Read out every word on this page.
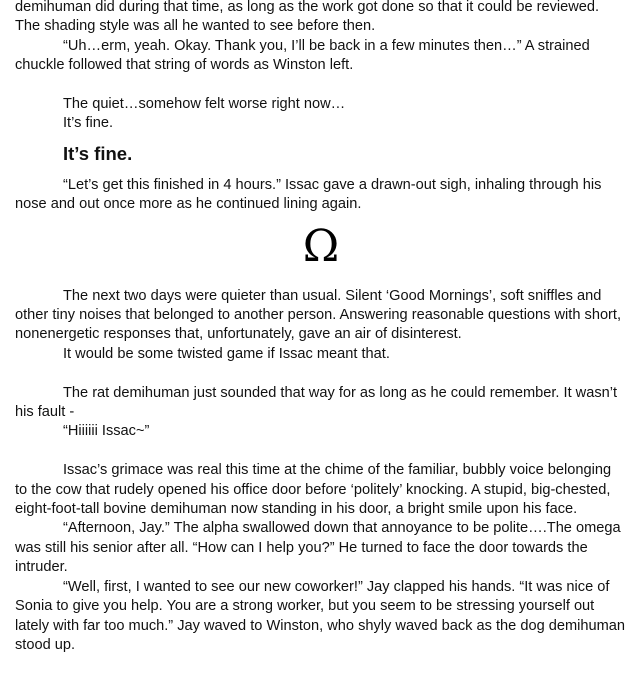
demihuman did during that time, as long as the work got done so that it could be reviewed. The shading style was all he wanted to see before then.

“Uh…erm, yeah. Okay. Thank you, I’ll be back in a few minutes then…” A strained chuckle followed that string of words as Winston left.

The quiet…somehow felt worse right now…

It’s fine.

It’s fine.

“Let’s get this finished in 4 hours.” Issac gave a drawn-out sigh, inhaling through his nose and out once more as he continued lining again.

Ω

The next two days were quieter than usual. Silent ‘Good Mornings’, soft sniffles and other tiny noises that belonged to another person. Answering reasonable questions with short, nonenergetic responses that, unfortunately, gave an air of disinterest.

It would be some twisted game if Issac meant that.

The rat demihuman just sounded that way for as long as he could remember. It wasn’t his fault -

“Hiiiiii Issac~”

Issac’s grimace was real this time at the chime of the familiar, bubbly voice belonging to the cow that rudely opened his office door before ‘politely’ knocking. A stupid, big-chested, eight-foot-tall bovine demihuman now standing in his door, a bright smile upon his face.

“Afternoon, Jay.” The alpha swallowed down that annoyance to be polite….The omega was still his senior after all. “How can I help you?” He turned to face the door towards the intruder.

“Well, first, I wanted to see our new coworker!” Jay clapped his hands. “It was nice of Sonia to give you help. You are a strong worker, but you seem to be stressing yourself out lately with far too much.” Jay waved to Winston, who shyly waved back as the dog demihuman stood up.
